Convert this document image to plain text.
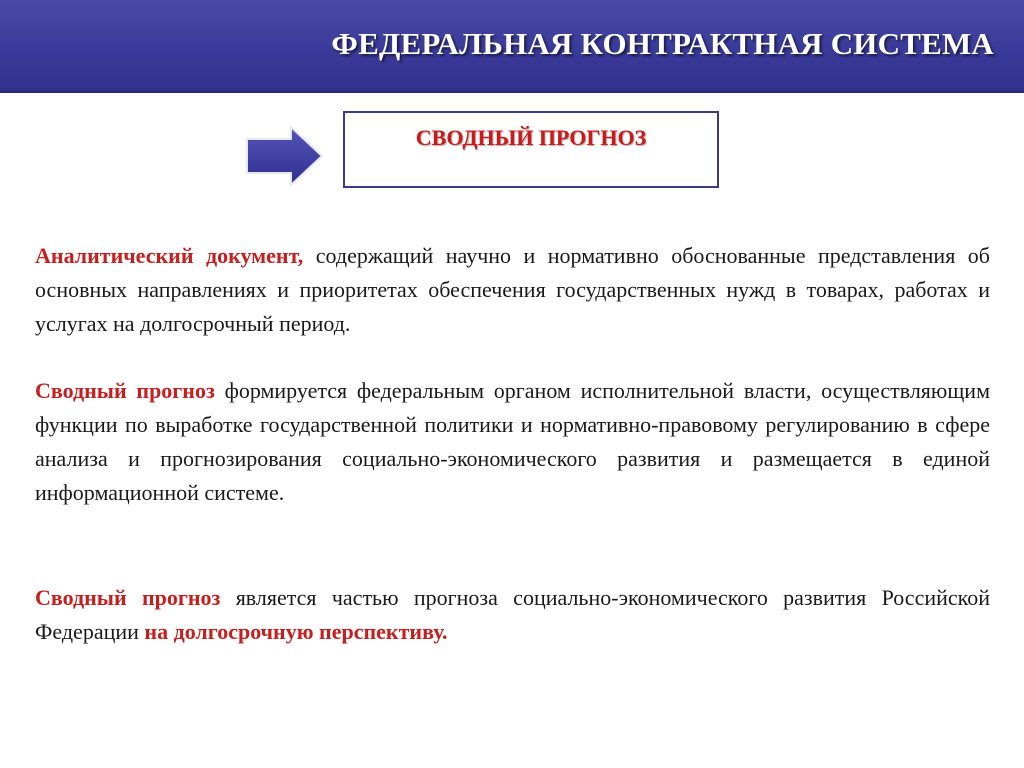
ФЕДЕРАЛЬНАЯ КОНТРАКТНАЯ СИСТЕМА
СВОДНЫЙ ПРОГНОЗ
Аналитический документ, содержащий научно и нормативно обоснованные представления об основных направлениях и приоритетах обеспечения государственных нужд в товарах, работах и услугах на долгосрочный период.
Сводный прогноз формируется федеральным органом исполнительной власти, осуществляющим функции по выработке государственной политики и нормативно-правовому регулированию в сфере анализа и прогнозирования социально-экономического развития и размещается в единой информационной системе.
Сводный прогноз является частью прогноза социально-экономического развития Российской Федерации на долгосрочную перспективу.
